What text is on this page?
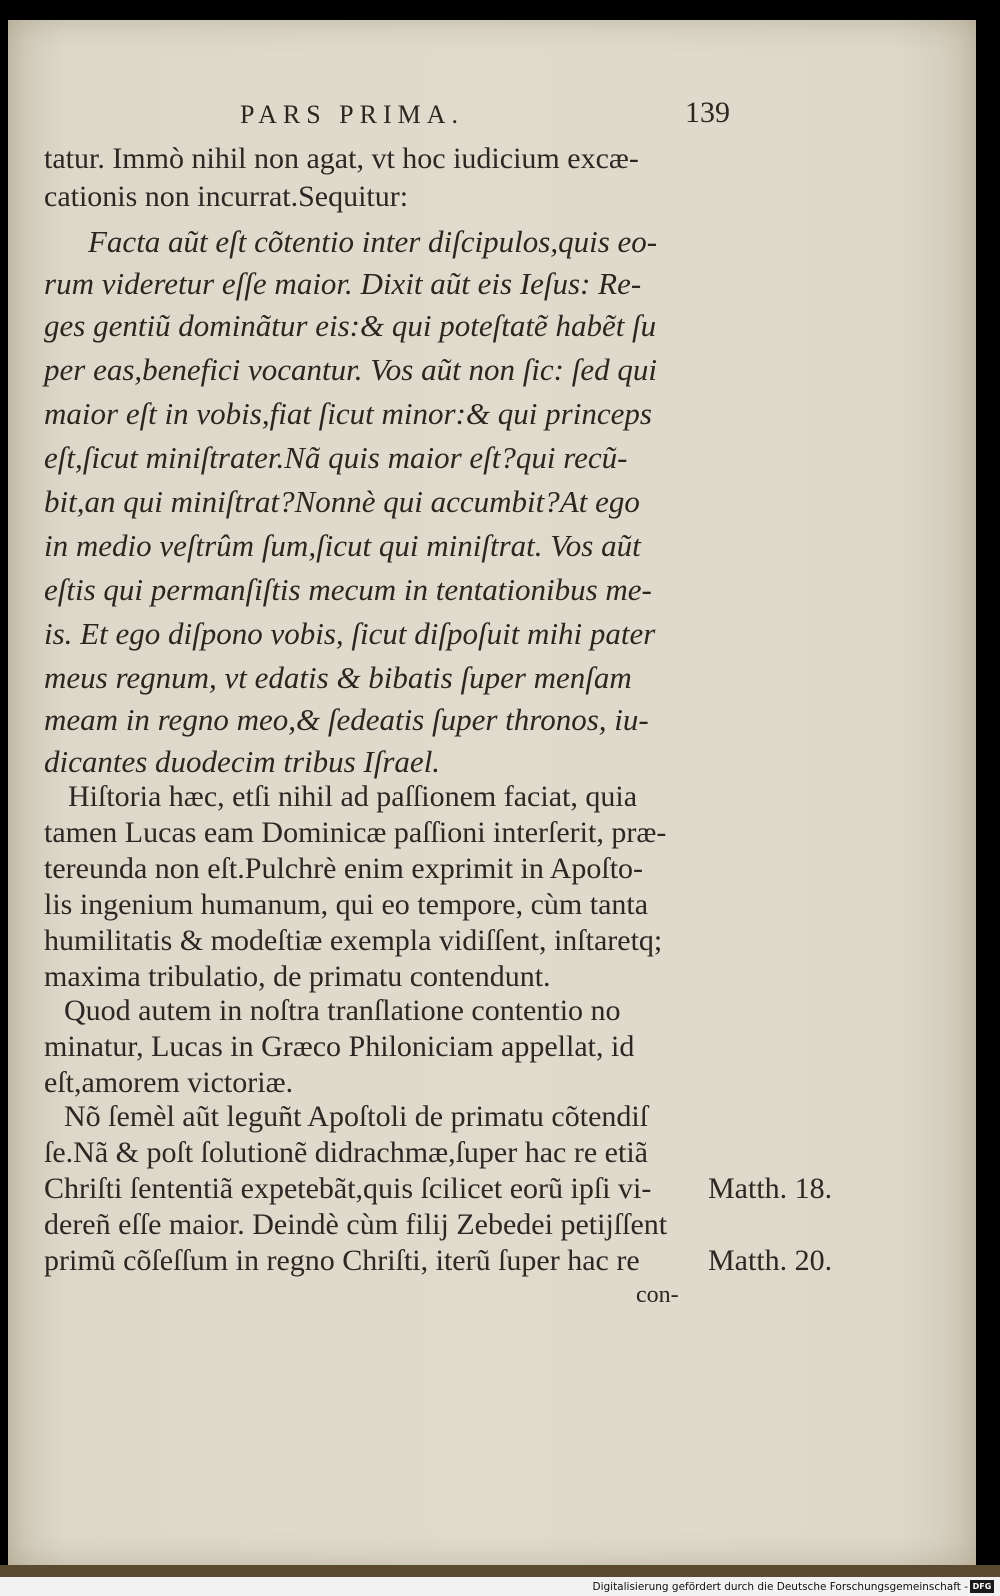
PARS PRIMA.	139
tatur. Immò nihil non agat, vt hoc iudicium excæ-
cationis non incurrat.Sequitur:
Facta aũt eſt cõtentio inter diſcipulos,quis eo-
rum videretur eſſe maior. Dixit aũt eis Ieſus: Re-
ges gentiũ dominãtur eis:& qui poteſtatẽ habẽt ſu
per eas,benefici vocantur. Vos aũt non ſic: ſed qui
maior eſt in vobis,fiat ſicut minor:& qui princeps
eſt,ſicut miniſtrater.Nã quis maior eſt?qui recũ-
bit,an qui miniſtrat?Nonnè qui accumbit?At ego
in medio veſtrûm ſum,ſicut qui miniſtrat. Vos aũt
eſtis qui permanſiſtis mecum in tentationibus me-
is. Et ego diſpono vobis, ſicut diſpoſuit mihi pater
meus regnum, vt edatis & bibatis ſuper menſam
meam in regno meo,& ſedeatis ſuper thronos, iu-
dicantes duodecim tribus Iſrael.
Hiſtoria hæc, etſi nihil ad paſſionem faciat, quia
tamen Lucas eam Dominicæ paſſioni interſerit, præ-
tereunda non eſt.Pulchrè enim exprimit in Apoſto-
lis ingenium humanum, qui eo tempore, cùm tanta
humilitatis & modeſtiæ exempla vidiſſent, inſtaretq;
maxima tribulatio, de primatu contendunt.
Quod autem in noſtra tranſlatione contentio no
minatur, Lucas in Græco Philoniciam appellat, id
eſt,amorem victoriæ.
Nõ ſemèl aũt leguñt Apoſtoli de primatu cõtendiſ
ſe.Nã & poſt ſolutionẽ didrachmæ,ſuper hac re etiã
Chriſti ſententiã expetebãt,quis ſcilicet eorũ ipſi vi-
dereñ eſſe maior. Deindè cùm filij Zebedei petijſſent
primũ cõſeſſum in regno Chriſti, iterũ ſuper hac re
con-
Matth. 18.
Matth. 20.
Digitalisierung gefördert durch die Deutsche Forschungsgemeinschaft - DFG
